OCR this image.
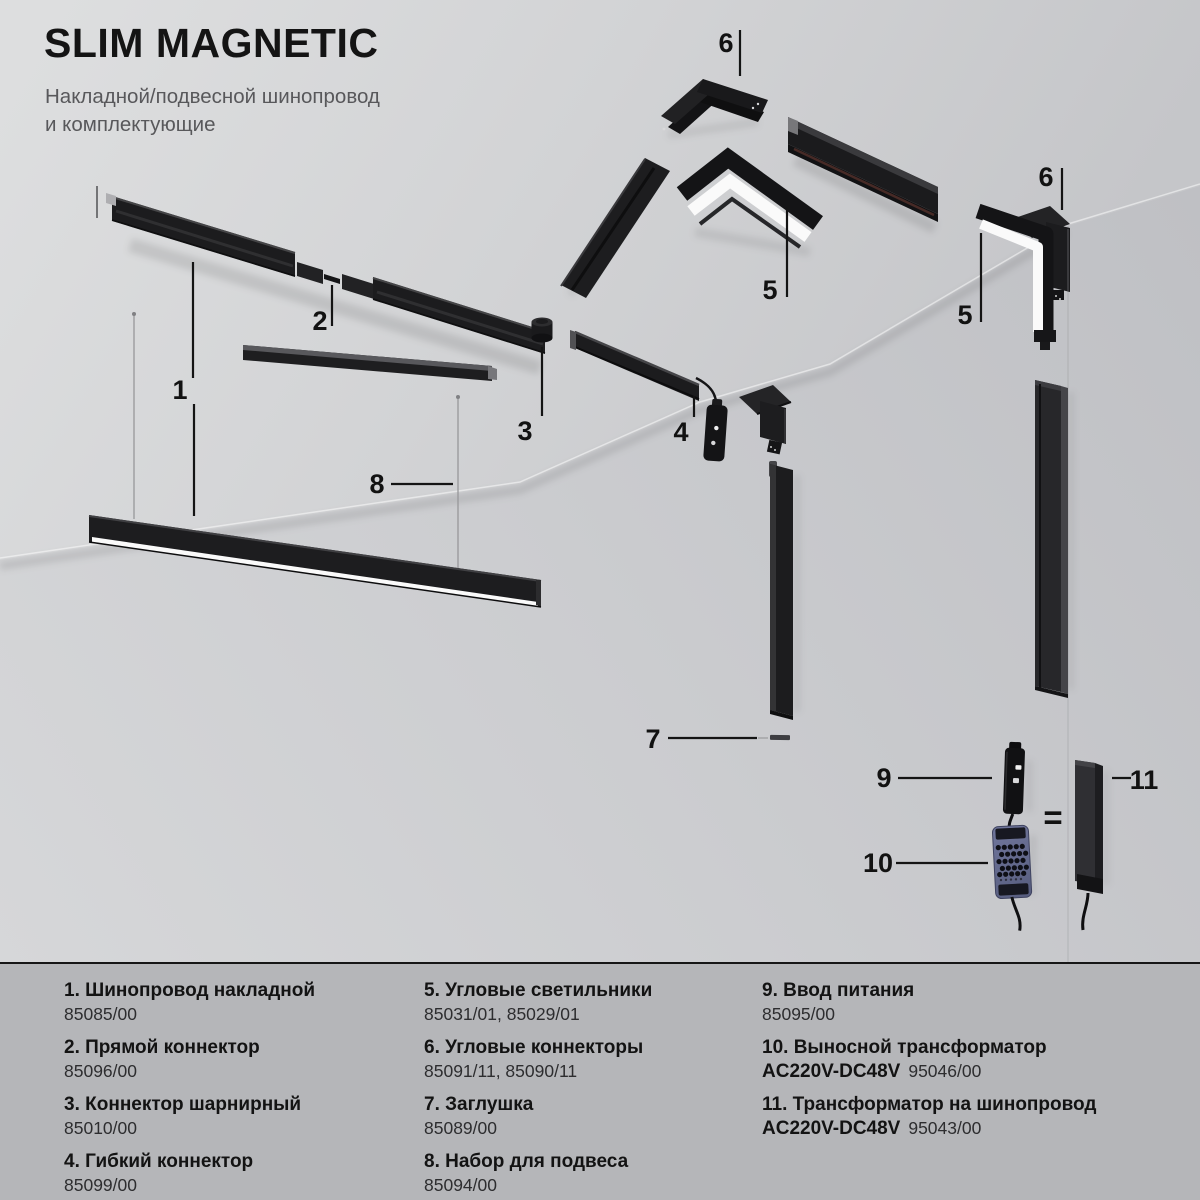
1
2
3	4
5
5
6
6
7
8
9
10
11
=
SLIM MAGNETIC

Накладной/подвесной шинопровод
и комплектующие

1. Шинопровод накладной
85085/00
2. Прямой коннектор
85096/00
3. Коннектор шарнирный
85010/00
4. Гибкий коннектор
85099/00
5. Угловые светильники
85031/01, 85029/01
6. Угловые коннекторы
85091/11, 85090/11
7. Заглушка
85089/00
8. Набор для подвеса
85094/00
9. Ввод питания
85095/00
10. Выносной трансформатор
AC220V-DC48V 95046/00
11. Трансформатор на шинопровод
AC220V-DC48V 95043/00
